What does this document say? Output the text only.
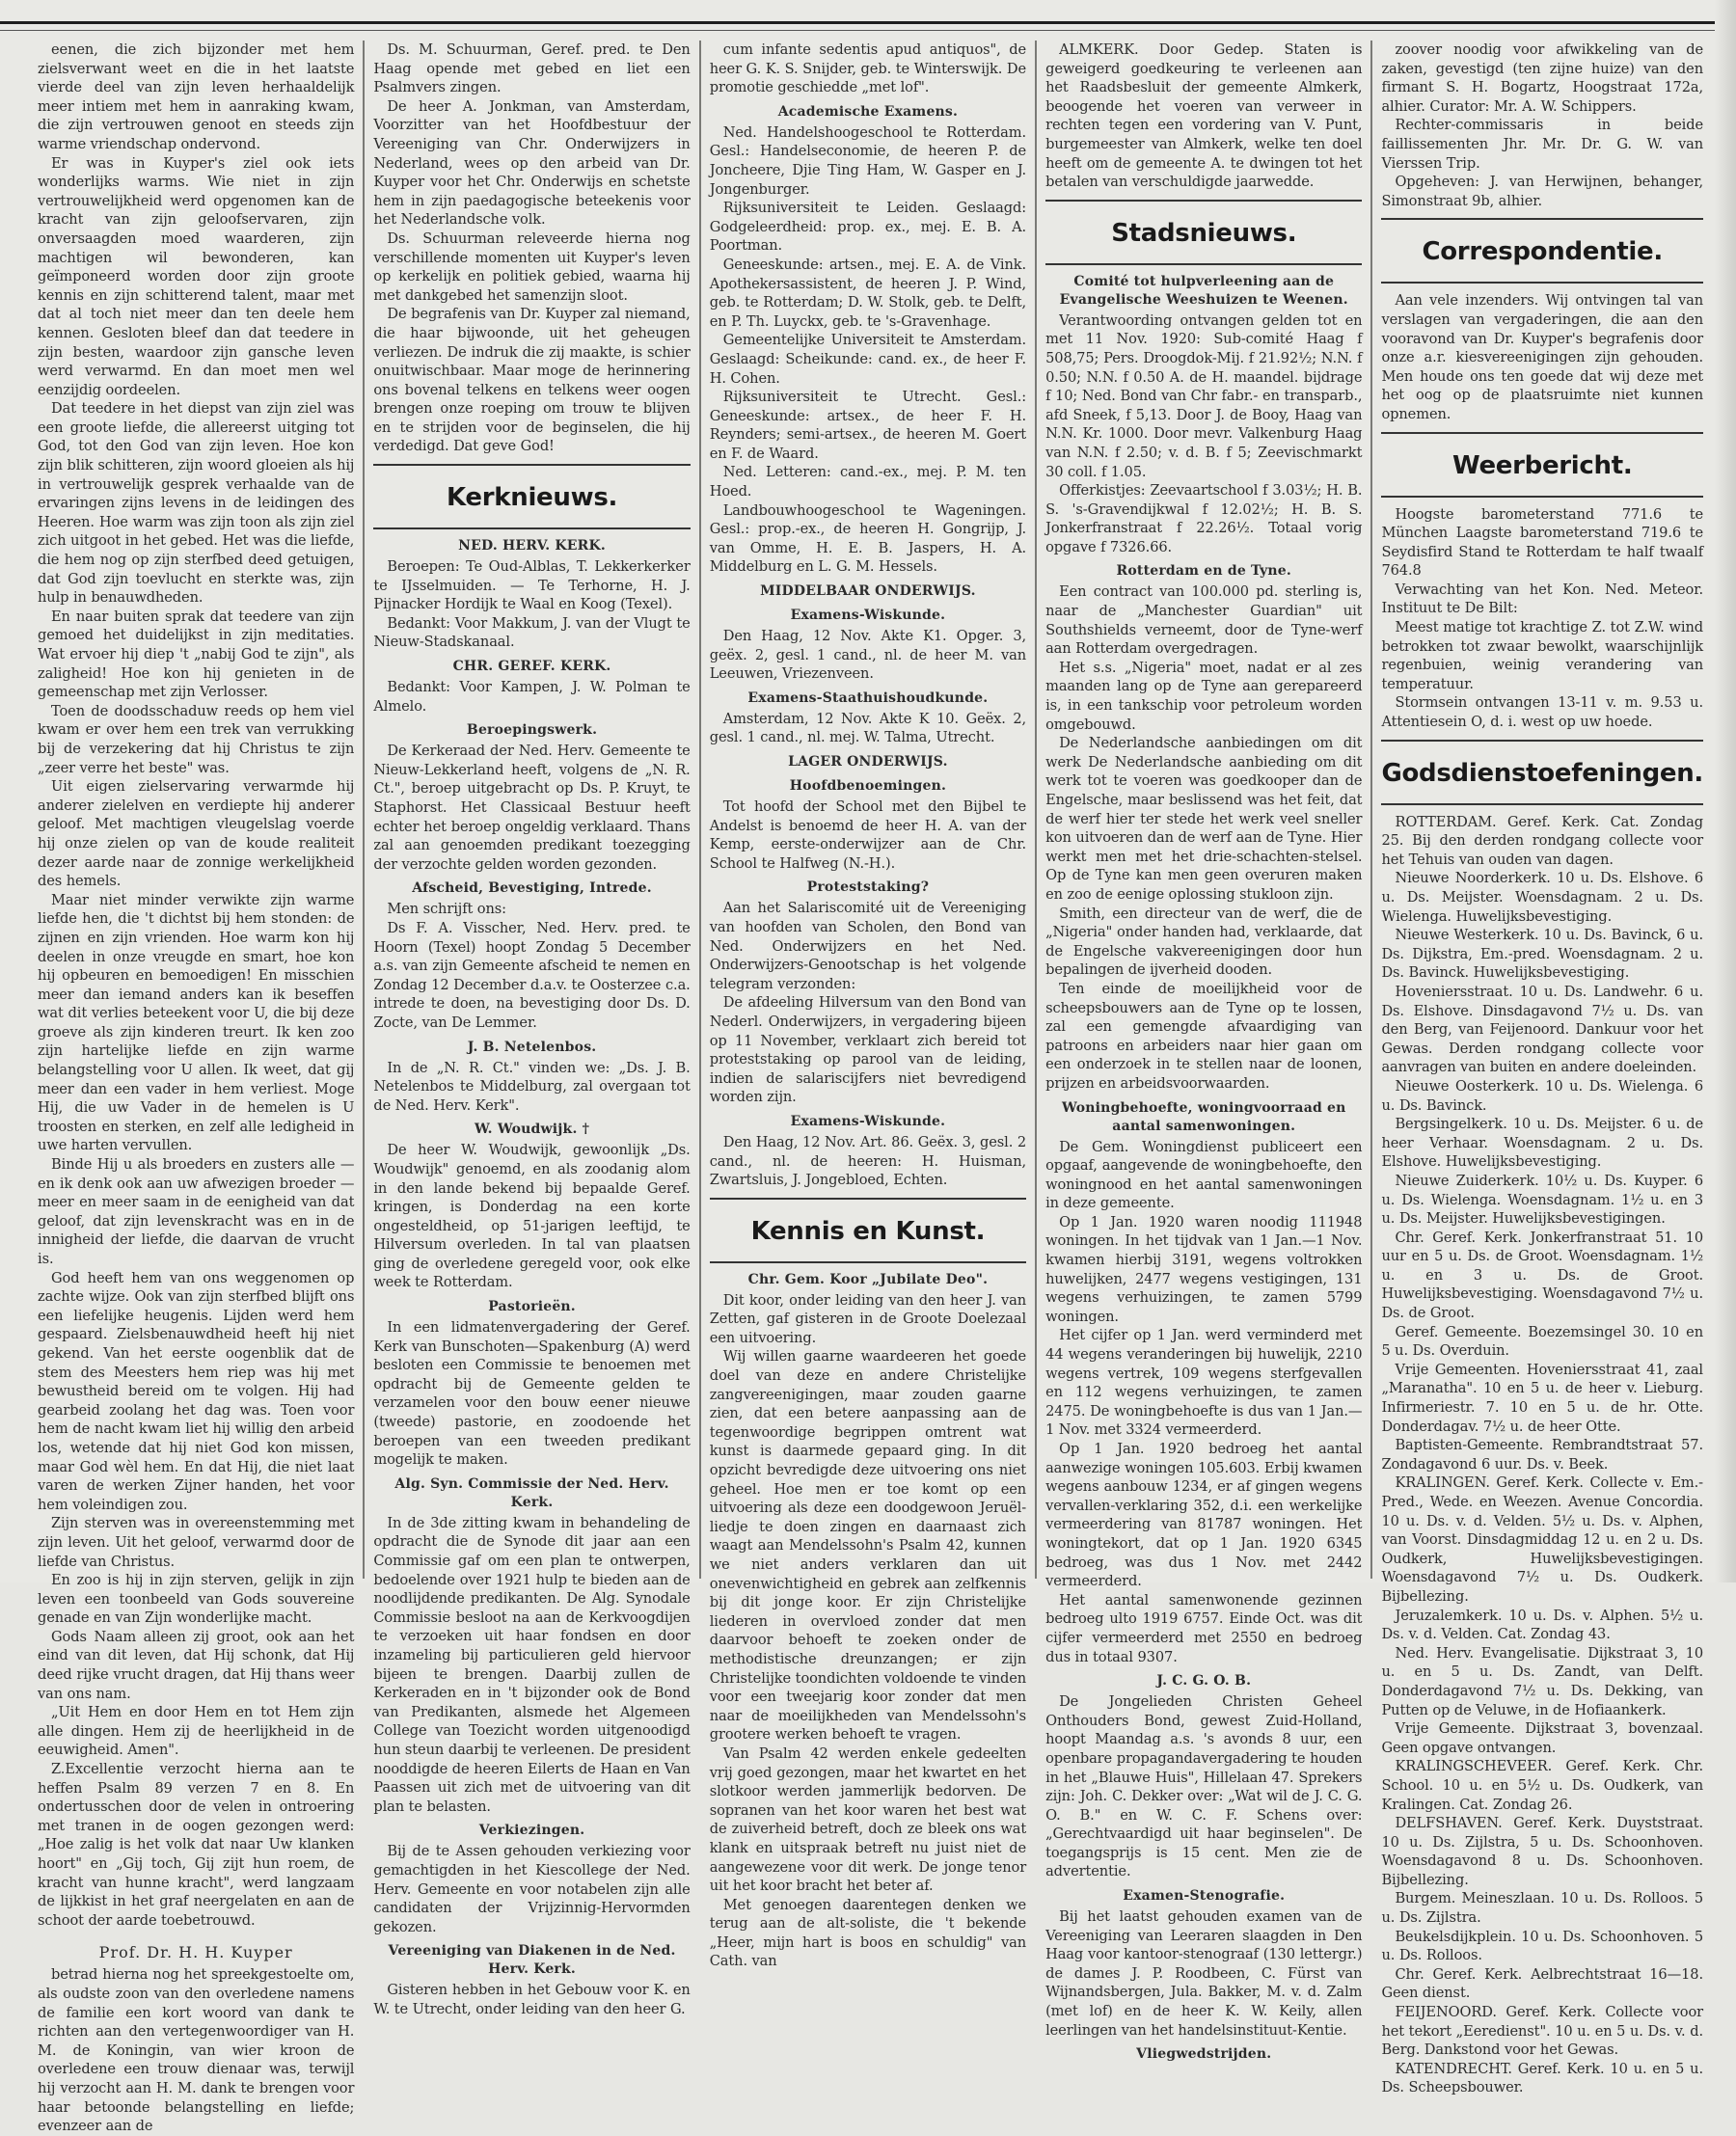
eenen, die zich bijzonder met hem zielsverwant weet en die in het laatste vierde deel van zijn leven herhaaldelijk meer intiem met hem in aanraking kwam, die zijn vertrouwen genoot en steeds zijn warme vriendschap ondervond.

Er was in Kuyper's ziel ook iets wonderlijks warms. Wie niet in zijn vertrouwelijkheid werd opgenomen kan de kracht van zijn geloofservaren, zijn onversaagden moed waarderen, zijn machtigen wil bewonderen, kan geïmponeerd worden door zijn groote kennis en zijn schitterend talent, maar met dat al toch niet meer dan ten deele hem kennen. Gesloten bleef dan dat teedere in zijn besten, waardoor zijn gansche leven werd verwarmd. En dan moet men wel eenzijdig oordeelen.

Dat teedere in het diepst van zijn ziel was een groote liefde, die allereerst uitging tot God, tot den God van zijn leven. Hoe kon zijn blik schitteren, zijn woord gloeien als hij in vertrouwelijk gesprek verhaalde van de ervaringen zijns levens in de leidingen des Heeren. Hoe warm was zijn toon als zijn ziel zich uitgoot in het gebed. Het was die liefde, die hem nog op zijn sterfbed deed getuigen, dat God zijn toevlucht en sterkte was, zijn hulp in benauwdheden.

En naar buiten sprak dat teedere van zijn gemoed het duidelijkst in zijn meditaties. Wat ervoer hij diep 't „nabij God te zijn", als zaligheid! Hoe kon hij genieten in de gemeenschap met zijn Verlosser.

Toen de doodsschaduw reeds op hem viel kwam er over hem een trek van verrukking bij de verzekering dat hij Christus te zijn „zeer verre het beste" was.

Uit eigen zielservaring verwarmde hij anderer zielelven en verdiepte hij anderer geloof. Met machtigen vleugelslag voerde hij onze zielen op van de koude realiteit dezer aarde naar de zonnige werkelijkheid des hemels.

Maar niet minder verwikte zijn warme liefde hen, die 't dichtst bij hem stonden: de zijnen en zijn vrienden. Hoe warm kon hij deelen in onze vreugde en smart, hoe kon hij opbeuren en bemoedigen! En misschien meer dan iemand anders kan ik beseffen wat dit verlies beteekent voor U, die bij deze groeve als zijn kinderen treurt. Ik ken zoo zijn hartelijke liefde en zijn warme belangstelling voor U allen. Ik weet, dat gij meer dan een vader in hem verliest. Moge Hij, die uw Vader in de hemelen is U troosten en sterken, en zelf alle ledigheid in uwe harten vervullen.

Binde Hij u als broeders en zusters alle — en ik denk ook aan uw afwezigen broeder — meer en meer saam in de eenigheid van dat geloof, dat zijn levenskracht was en in de innigheid der liefde, die daarvan de vrucht is.

God heeft hem van ons weggenomen op zachte wijze. Ook van zijn sterfbed blijft ons een liefelijke heugenis. Lijden werd hem gespaard. Zielsbenauwdheid heeft hij niet gekend. Van het eerste oogenblik dat de stem des Meesters hem riep was hij met bewustheid bereid om te volgen. Hij had gearbeid zoolang het dag was. Toen voor hem de nacht kwam liet hij willig den arbeid los, wetende dat hij niet God kon missen, maar God wèl hem. En dat Hij, die niet laat varen de werken Zijner handen, het voor hem voleindigen zou.

Zijn sterven was in overeenstemming met zijn leven. Uit het geloof, verwarmd door de liefde van Christus.

En zoo is hij in zijn sterven, gelijk in zijn leven een toonbeeld van Gods souvereine genade en van Zijn wonderlijke macht.

Gods Naam alleen zij groot, ook aan het eind van dit leven, dat Hij schonk, dat Hij deed rijke vrucht dragen, dat Hij thans weer van ons nam.

„Uit Hem en door Hem en tot Hem zijn alle dingen. Hem zij de heerlijkheid in de eeuwigheid. Amen".

Z.Excellentie verzocht hierna aan te heffen Psalm 89 verzen 7 en 8. En ondertusschen door de velen in ontroering met tranen in de oogen gezongen werd: „Hoe zalig is het volk dat naar Uw klanken hoort" en „Gij toch, Gij zijt hun roem, de kracht van hunne kracht", werd langzaam de lijkkist in het graf neergelaten en aan de schoot der aarde toebetrouwd.

Prof. Dr. H. H. Kuyper

betrad hierna nog het spreekgestoelte om, als oudste zoon van den overledene namens de familie een kort woord van dank te richten aan den vertegenwoordiger van H. M. de Koningin, van wier kroon de overledene een trouw dienaar was, terwijl hij verzocht aan H. M. dank te brengen voor haar betoonde belangstelling en liefde; evenzeer aan de

Ds. M. Schuurman, Geref. pred. te Den Haag opende met gebed en liet een Psalmvers zingen.

De heer A. Jonkman, van Amsterdam, Voorzitter van het Hoofdbestuur der Vereeniging van Chr. Onderwijzers in Nederland, wees op den arbeid van Dr. Kuyper voor het Chr. Onderwijs en schetste hem in zijn paedagogische beteekenis voor het Nederlandsche volk.

Ds. Schuurman releveerde hierna nog verschillende momenten uit Kuyper's leven op kerkelijk en politiek gebied, waarna hij met dankgebed het samenzijn sloot.

De begrafenis van Dr. Kuyper zal niemand, die haar bijwoonde, uit het geheugen verliezen. De indruk die zij maakte, is schier onuitwischbaar. Maar moge de herinnering ons bovenal telkens en telkens weer oogen brengen onze roeping om trouw te blijven en te strijden voor de beginselen, die hij verdedigd. Dat geve God!

Kerknieuws.
NED. HERV. KERK.

Beroepen: Te Oud-Alblas, T. Lekkerkerker te IJsselmuiden. — Te Terhorne, H. J. Pijnacker Hordijk te Waal en Koog (Texel).

Bedankt: Voor Makkum, J. van der Vlugt te Nieuw-Stadskanaal.

CHR. GEREF. KERK.

Bedankt: Voor Kampen, J. W. Polman te Almelo.

Beroepingswerk.

De Kerkeraad der Ned. Herv. Gemeente te Nieuw-Lekkerland heeft, volgens de „N. R. Ct.", beroep uitgebracht op Ds. P. Kruyt, te Staphorst. Het Classicaal Bestuur heeft echter het beroep ongeldig verklaard. Thans zal aan genoemden predikant toezegging der verzochte gelden worden gezonden.

Afscheid, Bevestiging, Intrede.

Men schrijft ons:

Ds F. A. Visscher, Ned. Herv. pred. te Hoorn (Texel) hoopt Zondag 5 December a.s. van zijn Gemeente afscheid te nemen en Zondag 12 December d.a.v. te Oosterzee c.a. intrede te doen, na bevestiging door Ds. D. Zocte, van De Lemmer.

J. B. Netelenbos.

In de „N. R. Ct." vinden we: „Ds. J. B. Netelenbos te Middelburg, zal overgaan tot de Ned. Herv. Kerk".

W. Woudwijk. †

De heer W. Woudwijk, gewoonlijk „Ds. Woudwijk" genoemd, en als zoodanig alom in den lande bekend bij bepaalde Geref. kringen, is Donderdag na een korte ongesteldheid, op 51-jarigen leeftijd, te Hilversum overleden. In tal van plaatsen ging de overledene geregeld voor, ook elke week te Rotterdam.

Pastorieën.

In een lidmatenvergadering der Geref. Kerk van Bunschoten—Spakenburg (A) werd besloten een Commissie te benoemen met opdracht bij de Gemeente gelden te verzamelen voor den bouw eener nieuwe (tweede) pastorie, en zoodoende het beroepen van een tweeden predikant mogelijk te maken.

Alg. Syn. Commissie der Ned. Herv. Kerk.

In de 3de zitting kwam in behandeling de opdracht die de Synode dit jaar aan een Commissie gaf om een plan te ontwerpen, bedoelende over 1921 hulp te bieden aan de noodlijdende predikanten. De Alg. Synodale Commissie besloot na aan de Kerkvoogdijen te verzoeken uit haar fondsen en door inzameling bij particulieren geld hiervoor bijeen te brengen. Daarbij zullen de Kerkeraden en in 't bijzonder ook de Bond van Predikanten, alsmede het Algemeen College van Toezicht worden uitgenoodigd hun steun daarbij te verleenen. De president nooddigde de heeren Eilerts de Haan en Van Paassen uit zich met de uitvoering van dit plan te belasten.

Verkiezingen.

Bij de te Assen gehouden verkiezing voor gemachtigden in het Kiescollege der Ned. Herv. Gemeente en voor notabelen zijn alle candidaten der Vrijzinnig-Hervormden gekozen.

Vereeniging van Diakenen in de Ned. Herv. Kerk.

Gisteren hebben in het Gebouw voor K. en W. te Utrecht, onder leiding van den heer G.

cum infante sedentis apud antiquos", de heer G. K. S. Snijder, geb. te Winterswijk. De promotie geschiedde „met lof".

Academische Examens.

Ned. Handelshoogeschool te Rotterdam. Gesl.: Handelseconomie, de heeren P. de Joncheere, Djie Ting Ham, W. Gasper en J. Jongenburger.

Rijksuniversiteit te Leiden. Geslaagd: Godgeleerdheid: prop. ex., mej. E. B. A. Poortman.

Geneeskunde: artsen., mej. E. A. de Vink. Apothekersassistent, de heeren J. P. Wind, geb. te Rotterdam; D. W. Stolk, geb. te Delft, en P. Th. Luyckx, geb. te 's-Gravenhage.

Gemeentelijke Universiteit te Amsterdam. Geslaagd: Scheikunde: cand. ex., de heer F. H. Cohen.

Rijksuniversiteit te Utrecht. Gesl.: Geneeskunde: artsex., de heer F. H. Reynders; semi-artsex., de heeren M. Goert en F. de Waard.

Ned. Letteren: cand.-ex., mej. P. M. ten Hoed.

Landbouwhoogeschool te Wageningen. Gesl.: prop.-ex., de heeren H. Gongrijp, J. van Omme, H. E. B. Jaspers, H. A. Middelburg en L. G. M. Hessels.

MIDDELBAAR ONDERWIJS.
Examens-Wiskunde.

Den Haag, 12 Nov. Akte K1. Opger. 3, geëx. 2, gesl. 1 cand., nl. de heer M. van Leeuwen, Vriezenveen.

Examens-Staathuishoudkunde.

Amsterdam, 12 Nov. Akte K 10. Geëx. 2, gesl. 1 cand., nl. mej. W. Talma, Utrecht.

LAGER ONDERWIJS.
Hoofdbenoemingen.

Tot hoofd der School met den Bijbel te Andelst is benoemd de heer H. A. van der Kemp, eerste-onderwijzer aan de Chr. School te Halfweg (N.-H.).

Proteststaking?

Aan het Salariscomité uit de Vereeniging van hoofden van Scholen, den Bond van Ned. Onderwijzers en het Ned. Onderwijzers-Genootschap is het volgende telegram verzonden:

De afdeeling Hilversum van den Bond van Nederl. Onderwijzers, in vergadering bijeen op 11 November, verklaart zich bereid tot proteststaking op parool van de leiding, indien de salariscijfers niet bevredigend worden zijn.

Examens-Wiskunde.

Den Haag, 12 Nov. Art. 86. Geëx. 3, gesl. 2 cand., nl. de heeren: H. Huisman, Zwartsluis, J. Jongebloed, Echten.

Kennis en Kunst.
Chr. Gem. Koor „Jubilate Deo".

Dit koor, onder leiding van den heer J. van Zetten, gaf gisteren in de Groote Doelezaal een uitvoering.

Wij willen gaarne waardeeren het goede doel van deze en andere Christelijke zangvereenigingen, maar zouden gaarne zien, dat een betere aanpassing aan de tegenwoordige begrippen omtrent wat kunst is daarmede gepaard ging. In dit opzicht bevredigde deze uitvoering ons niet geheel. Hoe men er toe komt op een uitvoering als deze een doodgewoon Jeruël-liedje te doen zingen en daarnaast zich waagt aan Mendelssohn's Psalm 42, kunnen we niet anders verklaren dan uit onevenwichtigheid en gebrek aan zelfkennis bij dit jonge koor. Er zijn Christelijke liederen in overvloed zonder dat men daarvoor behoeft te zoeken onder de methodistische dreunzangen; er zijn Christelijke toondichten voldoende te vinden voor een tweejarig koor zonder dat men naar de moeilijkheden van Mendelssohn's grootere werken behoeft te vragen.

Van Psalm 42 werden enkele gedeelten vrij goed gezongen, maar het kwartet en het slotkoor werden jammerlijk bedorven. De sopranen van het koor waren het best wat de zuiverheid betreft, doch ze bleek ons wat klank en uitspraak betreft nu juist niet de aangewezene voor dit werk. De jonge tenor uit het koor bracht het beter af.

Met genoegen daarentegen denken we terug aan de alt-soliste, die 't bekende „Heer, mijn hart is boos en schuldig" van Cath. van

ALMKERK. Door Gedep. Staten is geweigerd goedkeuring te verleenen aan het Raadsbesluit der gemeente Almkerk, beoogende het voeren van verweer in rechten tegen een vordering van V. Punt, burgemeester van Almkerk, welke ten doel heeft om de gemeente A. te dwingen tot het betalen van verschuldigde jaarwedde.

Stadsnieuws.
Comité tot hulpverleening aan de Evangelische Weeshuizen te Weenen.

Verantwoording ontvangen gelden tot en met 11 Nov. 1920: Sub-comité Haag f 508,75; Pers. Droogdok-Mij. f 21.92½; N.N. f 0.50; N.N. f 0.50 A. de H. maandel. bijdrage f 10; Ned. Bond van Chr fabr.- en transparb., afd Sneek, f 5,13. Door J. de Booy, Haag van N.N. Kr. 1000. Door mevr. Valkenburg Haag van N.N. f 2.50; v. d. B. f 5; Zeevischmarkt 30 coll. f 1.05.

Offerkistjes: Zeevaartschool f 3.03½; H. B. S. 's-Gravendijkwal f 12.02½; H. B. S. Jonkerfranstraat f 22.26½. Totaal vorig opgave f 7326.66.

Rotterdam en de Tyne.

Een contract van 100.000 pd. sterling is, naar de „Manchester Guardian" uit Southshields verneemt, door de Tyne-werf aan Rotterdam overgedragen.

Het s.s. „Nigeria" moet, nadat er al zes maanden lang op de Tyne aan gerepareerd is, in een tankschip voor petroleum worden omgebouwd.

De Nederlandsche aanbiedingen om dit werk De Nederlandsche aanbieding om dit werk tot te voeren was goedkooper dan de Engelsche, maar beslissend was het feit, dat de werf hier ter stede het werk veel sneller kon uitvoeren dan de werf aan de Tyne. Hier werkt men met het drie-schachten-stelsel. Op de Tyne kan men geen overuren maken en zoo de eenige oplossing stukloon zijn.

Smith, een directeur van de werf, die de „Nigeria" onder handen had, verklaarde, dat de Engelsche vakvereenigingen door hun bepalingen de ijverheid dooden.

Ten einde de moeilijkheid voor de scheepsbouwers aan de Tyne op te lossen, zal een gemengde afvaardiging van patroons en arbeiders naar hier gaan om een onderzoek in te stellen naar de loonen, prijzen en arbeidsvoorwaarden.

Woningbehoefte, woningvoorraad en aantal samenwoningen.

De Gem. Woningdienst publiceert een opgaaf, aangevende de woningbehoefte, den woningnood en het aantal samenwoningen in deze gemeente.

Op 1 Jan. 1920 waren noodig 111948 woningen. In het tijdvak van 1 Jan.—1 Nov. kwamen hierbij 3191, wegens voltrokken huwelijken, 2477 wegens vestigingen, 131 wegens verhuizingen, te zamen 5799 woningen.

Het cijfer op 1 Jan. werd verminderd met 44 wegens veranderingen bij huwelijk, 2210 wegens vertrek, 109 wegens sterfgevallen en 112 wegens verhuizingen, te zamen 2475. De woningbehoefte is dus van 1 Jan.—1 Nov. met 3324 vermeerderd.

Op 1 Jan. 1920 bedroeg het aantal aanwezige woningen 105.603. Erbij kwamen wegens aanbouw 1234, er af gingen wegens vervallen-verklaring 352, d.i. een werkelijke vermeerdering van 81787 woningen. Het woningtekort, dat op 1 Jan. 1920 6345 bedroeg, was dus 1 Nov. met 2442 vermeerderd.

Het aantal samenwonende gezinnen bedroeg ulto 1919 6757. Einde Oct. was dit cijfer vermeerderd met 2550 en bedroeg dus in totaal 9307.

J. C. G. O. B.

De Jongelieden Christen Geheel Onthouders Bond, gewest Zuid-Holland, hoopt Maandag a.s. 's avonds 8 uur, een openbare propagandavergadering te houden in het „Blauwe Huis", Hillelaan 47. Sprekers zijn: Joh. C. Dekker over: „Wat wil de J. C. G. O. B." en W. C. F. Schens over: „Gerechtvaardigd uit haar beginselen". De toegangsprijs is 15 cent. Men zie de advertentie.

Examen-Stenografie.

Bij het laatst gehouden examen van de Vereeniging van Leeraren slaagden in Den Haag voor kantoor-stenograaf (130 lettergr.) de dames J. P. Roodbeen, C. Fürst van Wijnandsbergen, Jula. Bakker, M. v. d. Zalm (met lof) en de heer K. W. Keily, allen leerlingen van het handelsinstituut-Kentie.

Vliegwedstrijden.

zoover noodig voor afwikkeling van de zaken, gevestigd (ten zijne huize) van den firmant S. H. Bogartz, Hoogstraat 172a, alhier. Curator: Mr. A. W. Schippers.

Rechter-commissaris in beide faillissementen Jhr. Mr. Dr. G. W. van Vierssen Trip.

Opgeheven: J. van Herwijnen, behanger, Simonstraat 9b, alhier.

Correspondentie.

Aan vele inzenders. Wij ontvingen tal van verslagen van vergaderingen, die aan den vooravond van Dr. Kuyper's begrafenis door onze a.r. kiesvereenigingen zijn gehouden. Men houde ons ten goede dat wij deze met het oog op de plaatsruimte niet kunnen opnemen.

Weerbericht.

Hoogste barometerstand 771.6 te München Laagste barometerstand 719.6 te Seydisfird Stand te Rotterdam te half twaalf 764.8

Verwachting van het Kon. Ned. Meteor. Instituut te De Bilt:

Meest matige tot krachtige Z. tot Z.W. wind betrokken tot zwaar bewolkt, waarschijnlijk regenbuien, weinig verandering van temperatuur.

Stormsein ontvangen 13-11 v. m. 9.53 u. Attentiesein O, d. i. west op uw hoede.

Godsdienstoefeningen.

ROTTERDAM. Geref. Kerk. Cat. Zondag 25. Bij den derden rondgang collecte voor het Tehuis van ouden van dagen.

Nieuwe Noorderkerk. 10 u. Ds. Elshove. 6 u. Ds. Meijster. Woensdagnam. 2 u. Ds. Wielenga. Huwelijksbevestiging.

Nieuwe Westerkerk. 10 u. Ds. Bavinck, 6 u. Ds. Dijkstra, Em.-pred. Woensdagnam. 2 u. Ds. Bavinck. Huwelijksbevestiging.

Hoveniersstraat. 10 u. Ds. Landwehr. 6 u. Ds. Elshove. Dinsdagavond 7½ u. Ds. van den Berg, van Feijenoord. Dankuur voor het Gewas. Derden rondgang collecte voor aanvragen van buiten en andere doeleinden.

Nieuwe Oosterkerk. 10 u. Ds. Wielenga. 6 u. Ds. Bavinck.

Bergsingelkerk. 10 u. Ds. Meijster. 6 u. de heer Verhaar. Woensdagnam. 2 u. Ds. Elshove. Huwelijksbevestiging.

Nieuwe Zuiderkerk. 10½ u. Ds. Kuyper. 6 u. Ds. Wielenga. Woensdagnam. 1½ u. en 3 u. Ds. Meijster. Huwelijksbevestigingen.

Chr. Geref. Kerk. Jonkerfranstraat 51. 10 uur en 5 u. Ds. de Groot. Woensdagnam. 1½ u. en 3 u. Ds. de Groot. Huwelijksbevestiging. Woensdagavond 7½ u. Ds. de Groot.

Geref. Gemeente. Boezemsingel 30. 10 en 5 u. Ds. Overduin.

Vrije Gemeenten. Hoveniersstraat 41, zaal „Maranatha". 10 en 5 u. de heer v. Lieburg. Infirmeriestr. 7. 10 en 5 u. de hr. Otte. Donderdagav. 7½ u. de heer Otte.

Baptisten-Gemeente. Rembrandtstraat 57. Zondagavond 6 uur. Ds. v. Beek.

KRALINGEN. Geref. Kerk. Collecte v. Em.-Pred., Wede. en Weezen. Avenue Concordia. 10 u. Ds. v. d. Velden. 5½ u. Ds. v. Alphen, van Voorst. Dinsdagmiddag 12 u. en 2 u. Ds. Oudkerk, Huwelijksbevestigingen. Woensdagavond 7½ u. Ds. Oudkerk. Bijbellezing.

Jeruzalemkerk. 10 u. Ds. v. Alphen. 5½ u. Ds. v. d. Velden. Cat. Zondag 43.

Ned. Herv. Evangelisatie. Dijkstraat 3, 10 u. en 5 u. Ds. Zandt, van Delft. Donderdagavond 7½ u. Ds. Dekking, van Putten op de Veluwe, in de Hofiaankerk.

Vrije Gemeente. Dijkstraat 3, bovenzaal. Geen opgave ontvangen.

KRALINGSCHEVEER. Geref. Kerk. Chr. School. 10 u. en 5½ u. Ds. Oudkerk, van Kralingen. Cat. Zondag 26.

DELFSHAVEN. Geref. Kerk. Duyststraat. 10 u. Ds. Zijlstra, 5 u. Ds. Schoonhoven. Woensdagavond 8 u. Ds. Schoonhoven. Bijbellezing.

Burgem. Meineszlaan. 10 u. Ds. Rolloos. 5 u. Ds. Zijlstra.

Beukelsdijkplein. 10 u. Ds. Schoonhoven. 5 u. Ds. Rolloos.

Chr. Geref. Kerk. Aelbrechtstraat 16—18. Geen dienst.

FEIJENOORD. Geref. Kerk. Collecte voor het tekort „Eeredienst". 10 u. en 5 u. Ds. v. d. Berg. Dankstond voor het Gewas.

KATENDRECHT. Geref. Kerk. 10 u. en 5 u. Ds. Scheepsbouwer.
